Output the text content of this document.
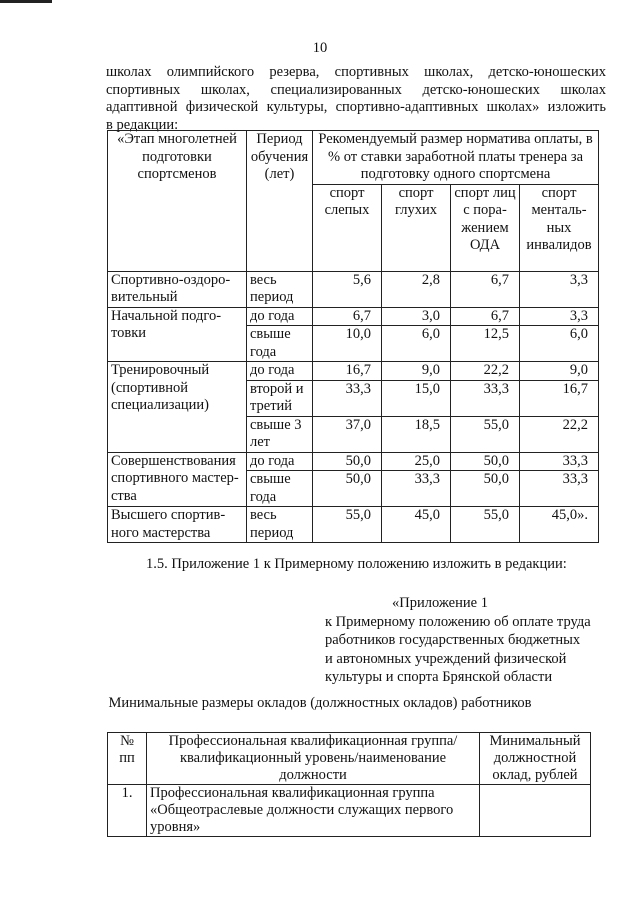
10
школах олимпийского резерва, спортивных школах, детско-юношеских
спортивных школах, специализированных детско-юношеских школах
адаптивной физической культуры, спортивно-адаптивных школах» изложить
в редакции:
«Этап многолетней подготовки спортсменов	Период обучения (лет)	Рекомендуемый размер норматива оплаты, в % от ставки заработной платы тренера за подготовку одного спортсмена			
		спорт слепых	спорт глухих	спорт лиц с пора-жением ОДА	спорт менталь-ных инвалидов
Спортивно-оздоро-вительный	весь период	5,6	2,8	6,7	3,3
Начальной подго-товки	до года	6,7	3,0	6,7	3,3
	свыше года	10,0	6,0	12,5	6,0
Тренировочный (спортивной специализации)	до года	16,7	9,0	22,2	9,0
	второй и третий	33,3	15,0	33,3	16,7
	свыше 3 лет	37,0	18,5	55,0	22,2
Совершенствования спортивного мастер-ства	до года	50,0	25,0	50,0	33,3
	свыше года	50,0	33,3	50,0	33,3
Высшего спортив-ного мастерства	весь период	55,0	45,0	55,0	45,0».
1.5. Приложение 1 к Примерному положению изложить в редакции:
«Приложение 1
к Примерному положению об оплате труда
работников государственных бюджетных
и автономных учреждений физической
культуры и спорта Брянской области
Минимальные размеры окладов (должностных окладов) работников
№ пп	Профессиональная квалификационная группа/квалификационный уровень/наименование должности	Минимальный должностной оклад, рублей
1.	Профессиональная квалификационная группа «Общеотраслевые должности служащих первого уровня»	
